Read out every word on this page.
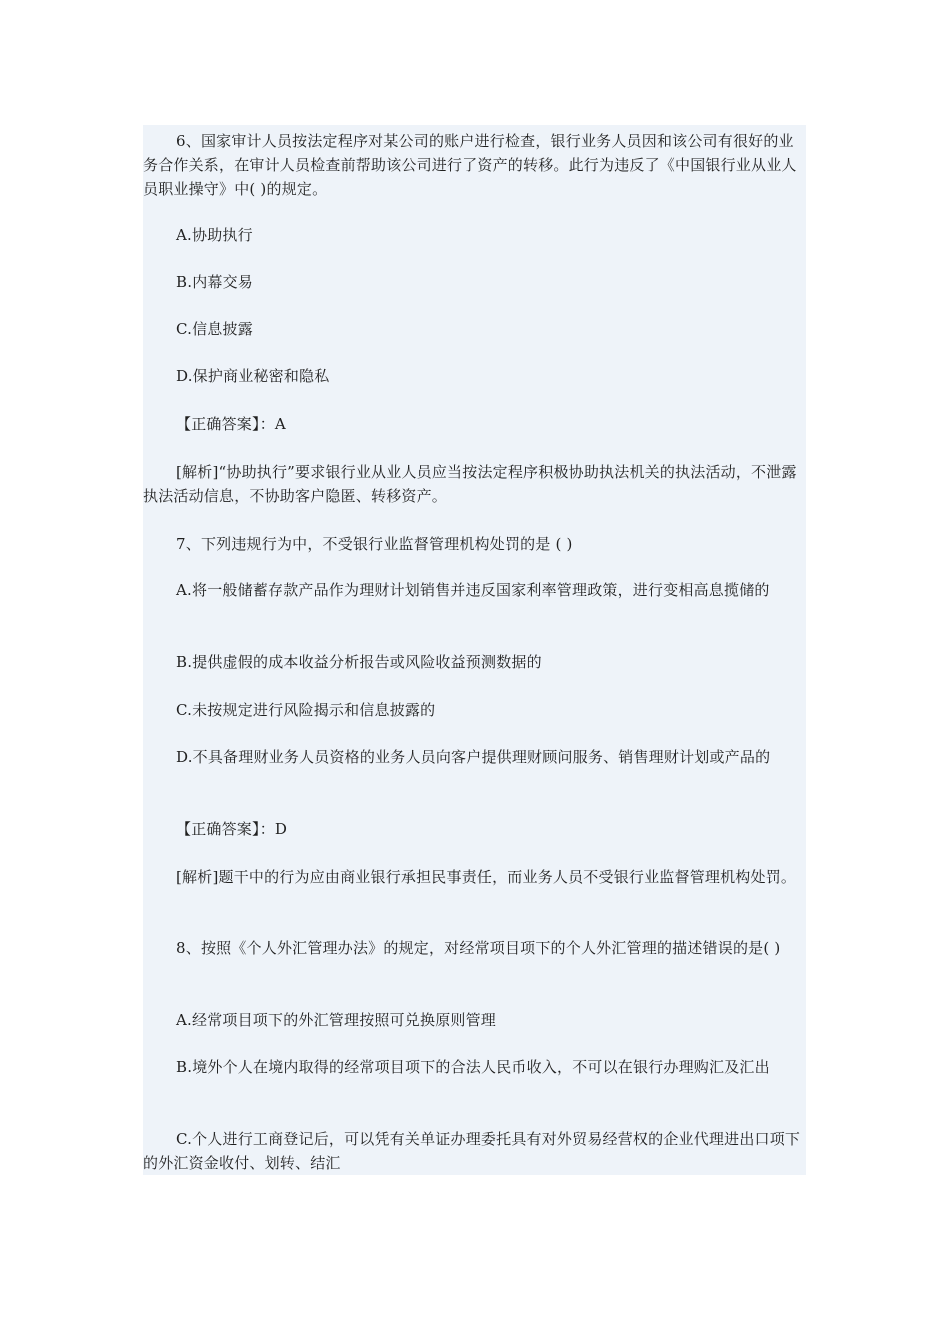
6、国家审计人员按法定程序对某公司的账户进行检查，银行业务人员因和该公司有很好的业务合作关系，在审计人员检查前帮助该公司进行了资产的转移。此行为违反了《中国银行业从业人员职业操守》中( )的规定。

A.协助执行

B.内幕交易

C.信息披露

D.保护商业秘密和隐私

【正确答案】：A

[解析]“协助执行”要求银行业从业人员应当按法定程序积极协助执法机关的执法活动，不泄露执法活动信息，不协助客户隐匿、转移资产。

7、下列违规行为中，不受银行业监督管理机构处罚的是 ( )

A.将一般储蓄存款产品作为理财计划销售并违反国家利率管理政策，进行变相高息揽储的

B.提供虚假的成本收益分析报告或风险收益预测数据的

C.未按规定进行风险揭示和信息披露的

D.不具备理财业务人员资格的业务人员向客户提供理财顾问服务、销售理财计划或产品的

【正确答案】：D

[解析]题干中的行为应由商业银行承担民事责任，而业务人员不受银行业监督管理机构处罚。

8、按照《个人外汇管理办法》的规定，对经常项目项下的个人外汇管理的描述错误的是( )

A.经常项目项下的外汇管理按照可兑换原则管理

B.境外个人在境内取得的经常项目项下的合法人民币收入，不可以在银行办理购汇及汇出

C.个人进行工商登记后，可以凭有关单证办理委托具有对外贸易经营权的企业代理进出口项下的外汇资金收付、划转、结汇
